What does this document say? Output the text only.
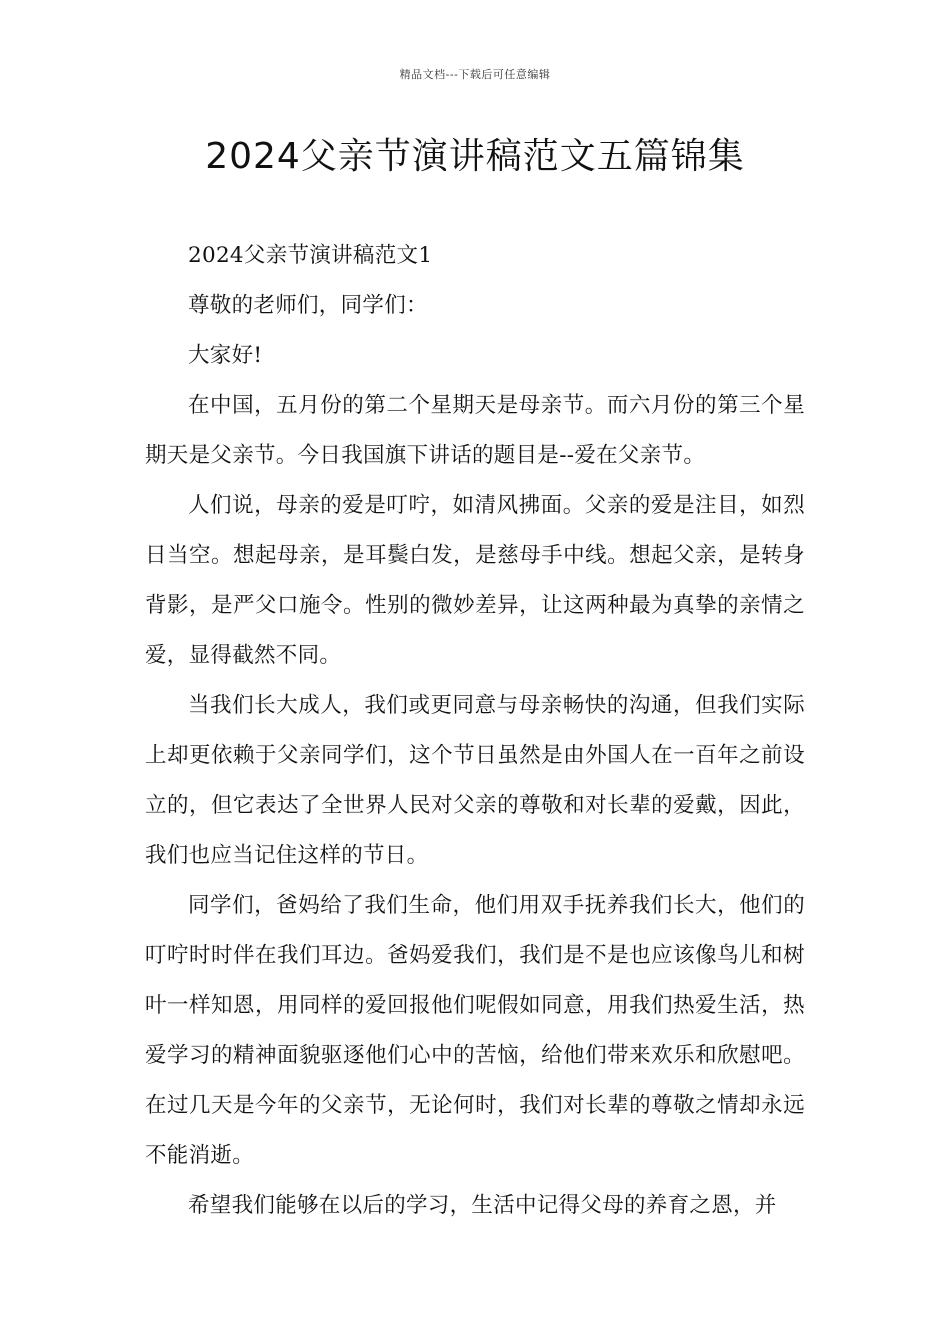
精品文档---下载后可任意编辑
2024父亲节演讲稿范文五篇锦集

2024父亲节演讲稿范文1

尊敬的老师们，同学们：

大家好!

在中国，五月份的第二个星期天是母亲节。而六月份的第三个星期天是父亲节。今日我国旗下讲话的题目是--爱在父亲节。

人们说，母亲的爱是叮咛，如清风拂面。父亲的爱是注目，如烈日当空。想起母亲，是耳鬓白发，是慈母手中线。想起父亲，是转身背影，是严父口施令。性别的微妙差异，让这两种最为真挚的亲情之爱，显得截然不同。

当我们长大成人，我们或更同意与母亲畅快的沟通，但我们实际上却更依赖于父亲同学们，这个节日虽然是由外国人在一百年之前设立的，但它表达了全世界人民对父亲的尊敬和对长辈的爱戴，因此，我们也应当记住这样的节日。

同学们，爸妈给了我们生命，他们用双手抚养我们长大，他们的叮咛时时伴在我们耳边。爸妈爱我们，我们是不是也应该像鸟儿和树叶一样知恩，用同样的爱回报他们呢假如同意，用我们热爱生活，热爱学习的精神面貌驱逐他们心中的苦恼，给他们带来欢乐和欣慰吧。在过几天是今年的父亲节，无论何时，我们对长辈的尊敬之情却永远不能消逝。

希望我们能够在以后的学习，生活中记得父母的养育之恩，并
